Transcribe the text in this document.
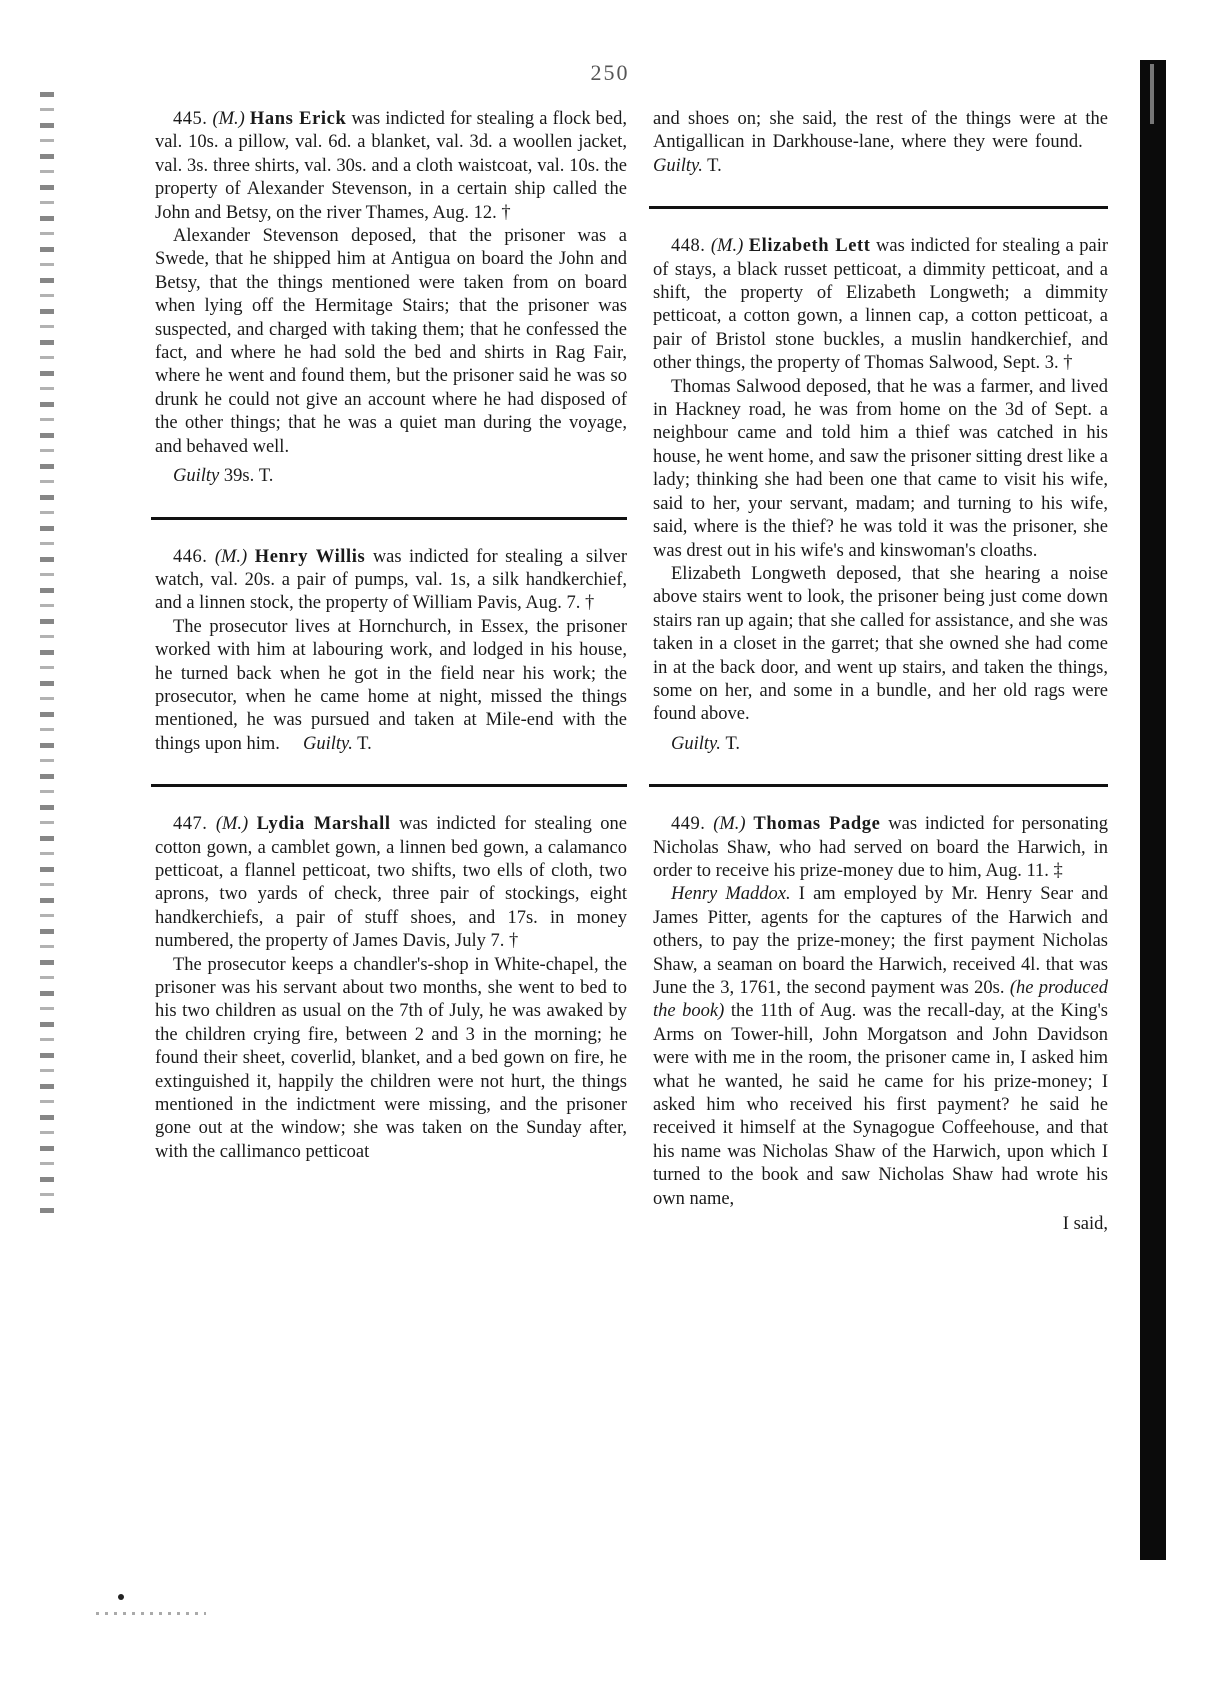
250

445. (M.) Hans Erick was indicted for stealing a flock bed, val. 10s. a pillow, val. 6d. a blanket, val. 3d. a woollen jacket, val. 3s. three shirts, val. 30s. and a cloth waistcoat, val. 10s. the property of Alexander Stevenson, in a certain ship called the John and Betsy, on the river Thames, Aug. 12. †

Alexander Stevenson deposed, that the prisoner was a Swede, that he shipped him at Antigua on board the John and Betsy, that the things mentioned were taken from on board when lying off the Hermitage Stairs; that the prisoner was suspected, and charged with taking them; that he confessed the fact, and where he had sold the bed and shirts in Rag Fair, where he went and found them, but the prisoner said he was so drunk he could not give an account where he had disposed of the other things; that he was a quiet man during the voyage, and behaved well.

Guilty 39s. T.

446. (M.) Henry Willis was indicted for stealing a silver watch, val. 20s. a pair of pumps, val. 1s, a silk handkerchief, and a linnen stock, the property of William Pavis, Aug. 7. †

The prosecutor lives at Hornchurch, in Essex, the prisoner worked with him at labouring work, and lodged in his house, he turned back when he got in the field near his work; the prosecutor, when he came home at night, missed the things mentioned, he was pursued and taken at Mile-end with the things upon him. Guilty. T.

447. (M.) Lydia Marshall was indicted for stealing one cotton gown, a camblet gown, a linnen bed gown, a calamanco petticoat, a flannel petticoat, two shifts, two ells of cloth, two aprons, two yards of check, three pair of stockings, eight handkerchiefs, a pair of stuff shoes, and 17s. in money numbered, the property of James Davis, July 7. †

The prosecutor keeps a chandler's-shop in White-chapel, the prisoner was his servant about two months, she went to bed to his two children as usual on the 7th of July, he was awaked by the children crying fire, between 2 and 3 in the morning; he found their sheet, coverlid, blanket, and a bed gown on fire, he extinguished it, happily the children were not hurt, the things mentioned in the indictment were missing, and the prisoner gone out at the window; she was taken on the Sunday after, with the callimanco petticoat

and shoes on; she said, the rest of the things were at the Antigallican in Darkhouse-lane, where they were found.     Guilty. T.

448. (M.) Elizabeth Lett was indicted for stealing a pair of stays, a black russet petticoat, a dimmity petticoat, and a shift, the property of Elizabeth Longweth; a dimmity petticoat, a cotton gown, a linnen cap, a cotton petticoat, a pair of Bristol stone buckles, a muslin handkerchief, and other things, the property of Thomas Salwood, Sept. 3. †

Thomas Salwood deposed, that he was a farmer, and lived in Hackney road, he was from home on the 3d of Sept. a neighbour came and told him a thief was catched in his house, he went home, and saw the prisoner sitting drest like a lady; thinking she had been one that came to visit his wife, said to her, your servant, madam; and turning to his wife, said, where is the thief? he was told it was the prisoner, she was drest out in his wife's and kinswoman's cloaths.

Elizabeth Longweth deposed, that she hearing a noise above stairs went to look, the prisoner being just come down stairs ran up again; that she called for assistance, and she was taken in a closet in the garret; that she owned she had come in at the back door, and went up stairs, and taken the things, some on her, and some in a bundle, and her old rags were found above.

Guilty. T.

449. (M.) Thomas Padge was indicted for personating Nicholas Shaw, who had served on board the Harwich, in order to receive his prize-money due to him, Aug. 11. ‡

Henry Maddox. I am employed by Mr. Henry Sear and James Pitter, agents for the captures of the Harwich and others, to pay the prize-money; the first payment Nicholas Shaw, a seaman on board the Harwich, received 4l. that was June the 3, 1761, the second payment was 20s. (he produced the book) the 11th of Aug. was the recall-day, at the King's Arms on Tower-hill, John Morgatson and John Davidson were with me in the room, the prisoner came in, I asked him what he wanted, he said he came for his prize-money; I asked him who received his first payment? he said he received it himself at the Synagogue Coffeehouse, and that his name was Nicholas Shaw of the Harwich, upon which I turned to the book and saw Nicholas Shaw had wrote his own name,

I said,
